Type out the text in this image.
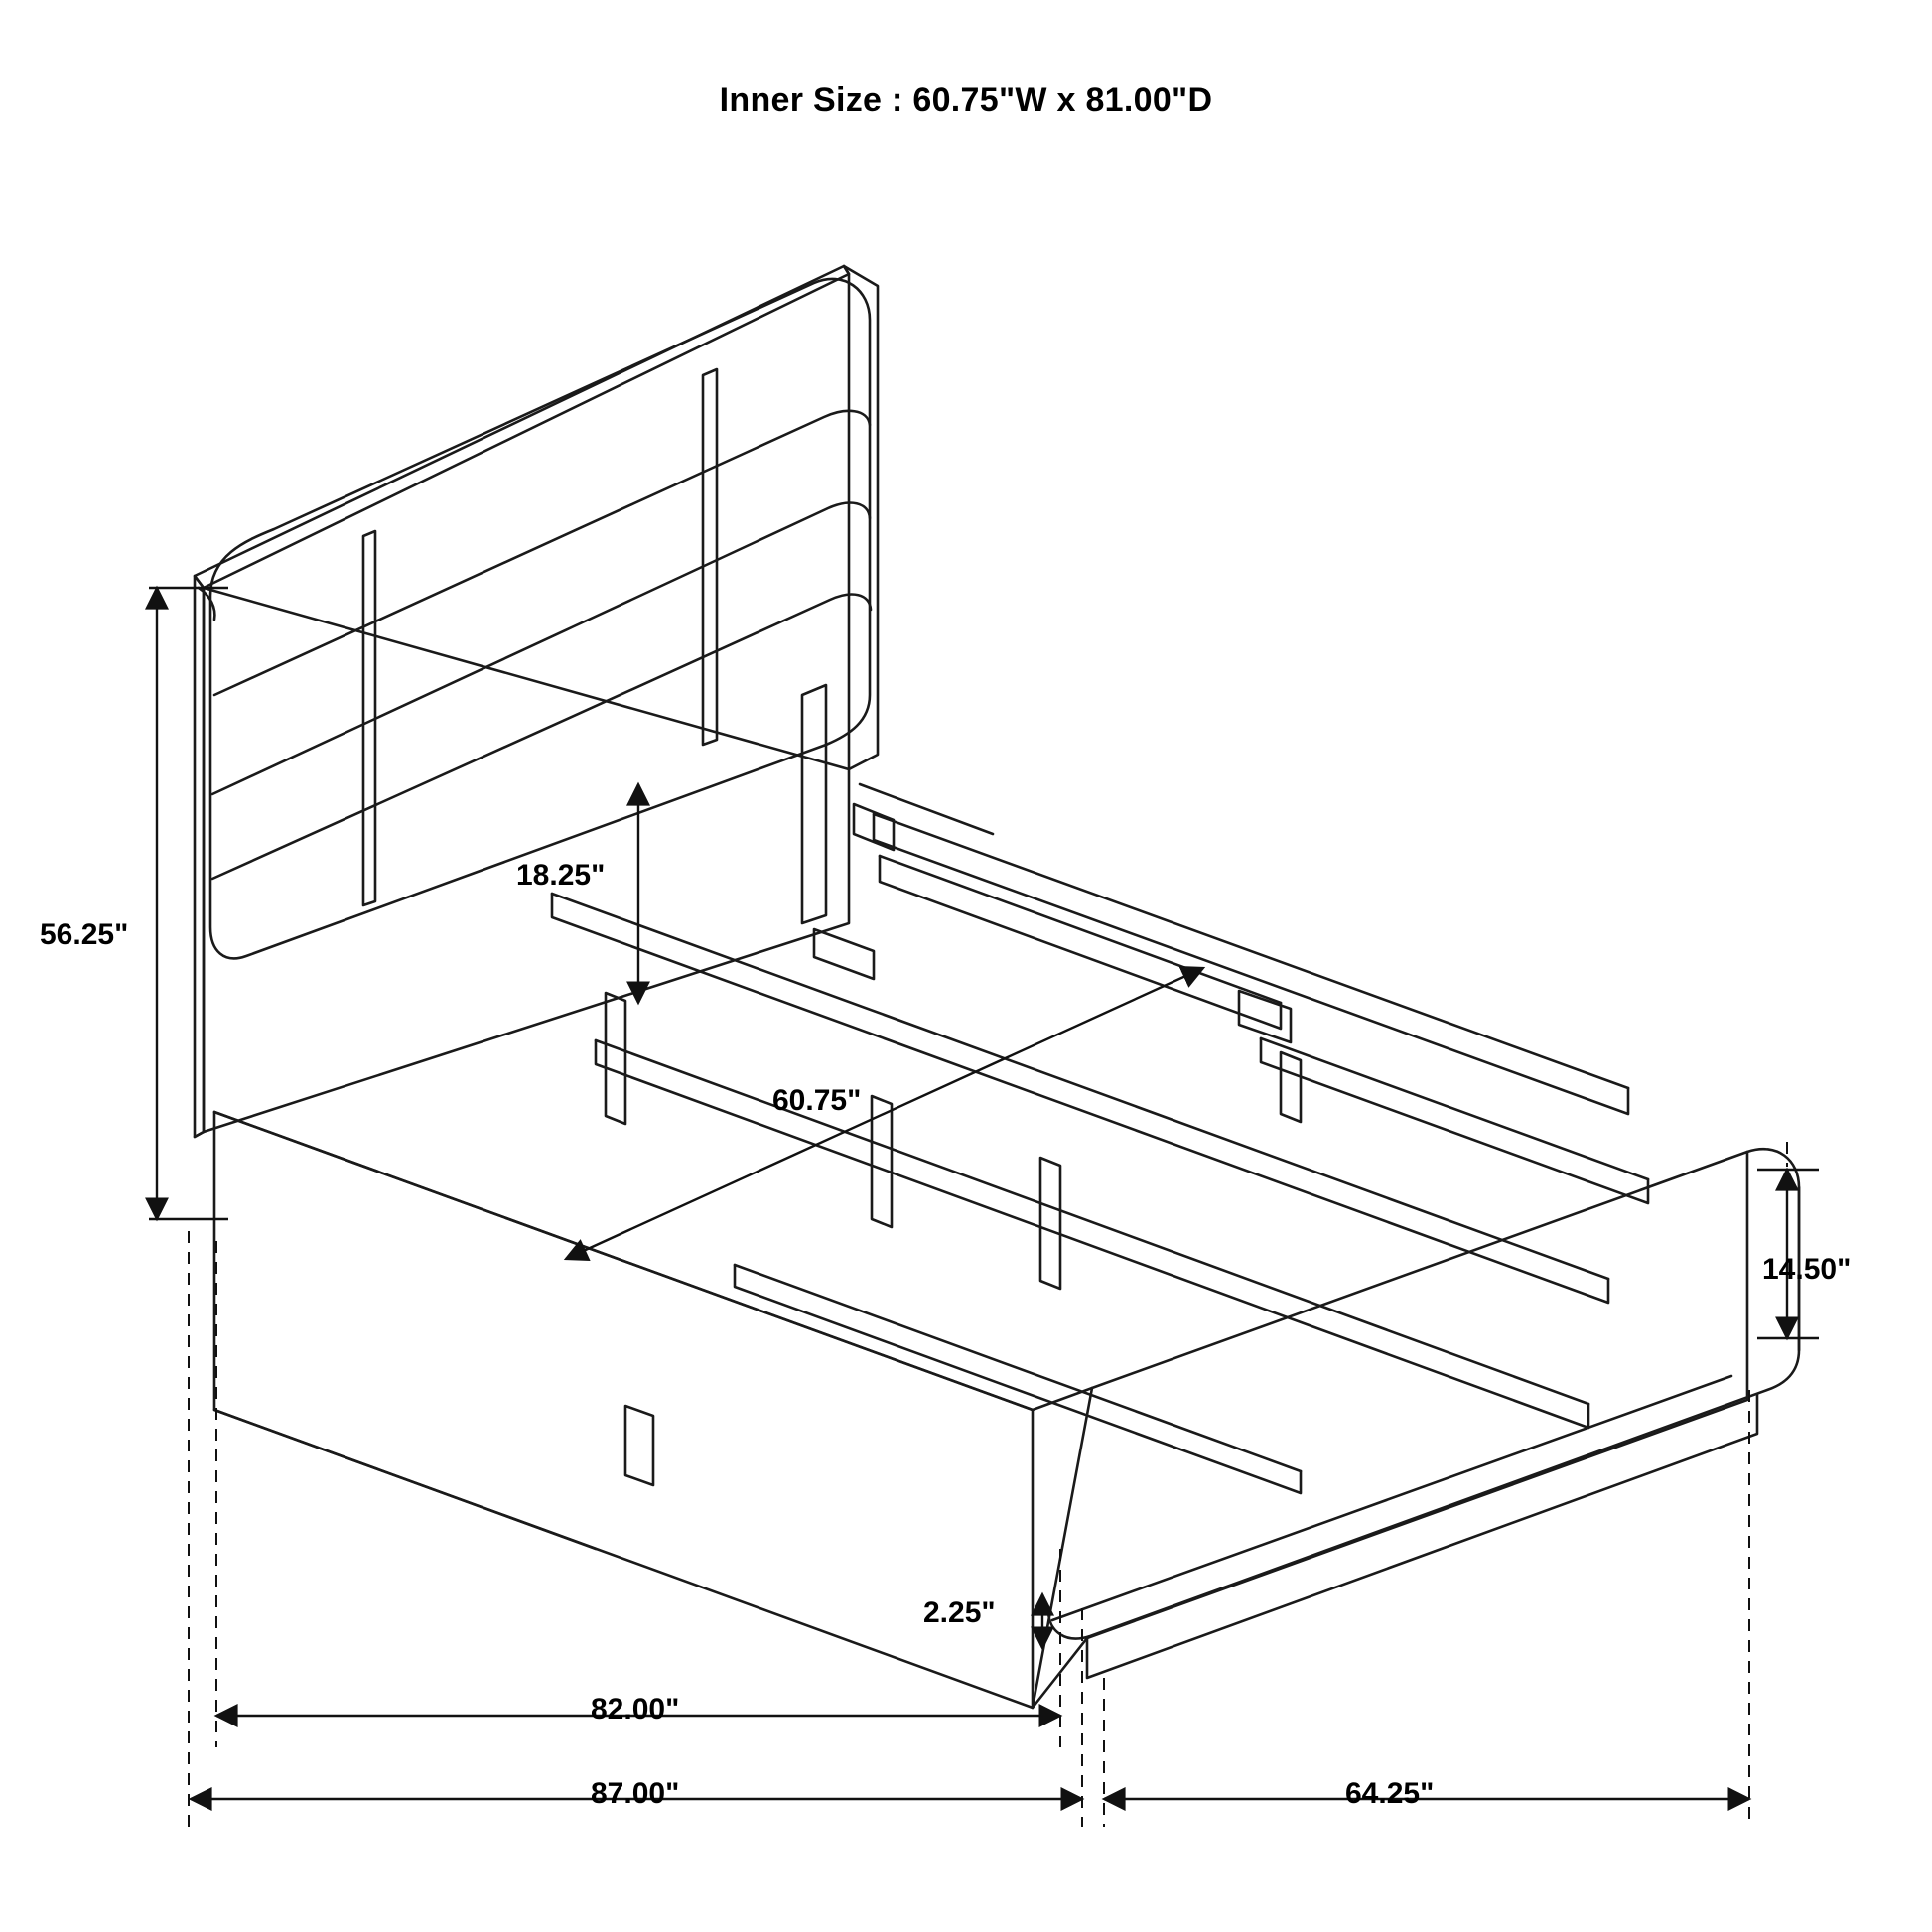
Inner Size : 60.75"W x 81.00"D
56.25"
18.25"
60.75"
14.50"
2.25"
82.00"
87.00"	64.25"
